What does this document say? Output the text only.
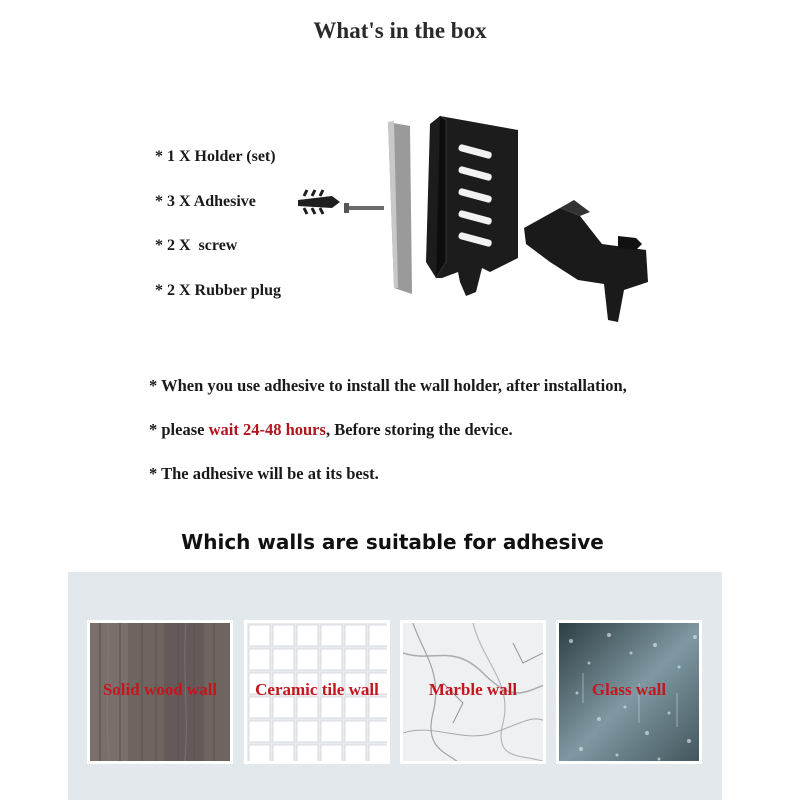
What's in the box
* 1 X Holder (set)
* 3 X Adhesive
* 2 X  screw
* 2 X Rubber plug
* When you use adhesive to install the wall holder, after installation,
* please wait 24-48 hours, Before storing the device.
* The adhesive will be at its best.
Which walls are suitable for adhesive
Solid wood wall	Ceramic tile wall	Marble wall	Glass wall
